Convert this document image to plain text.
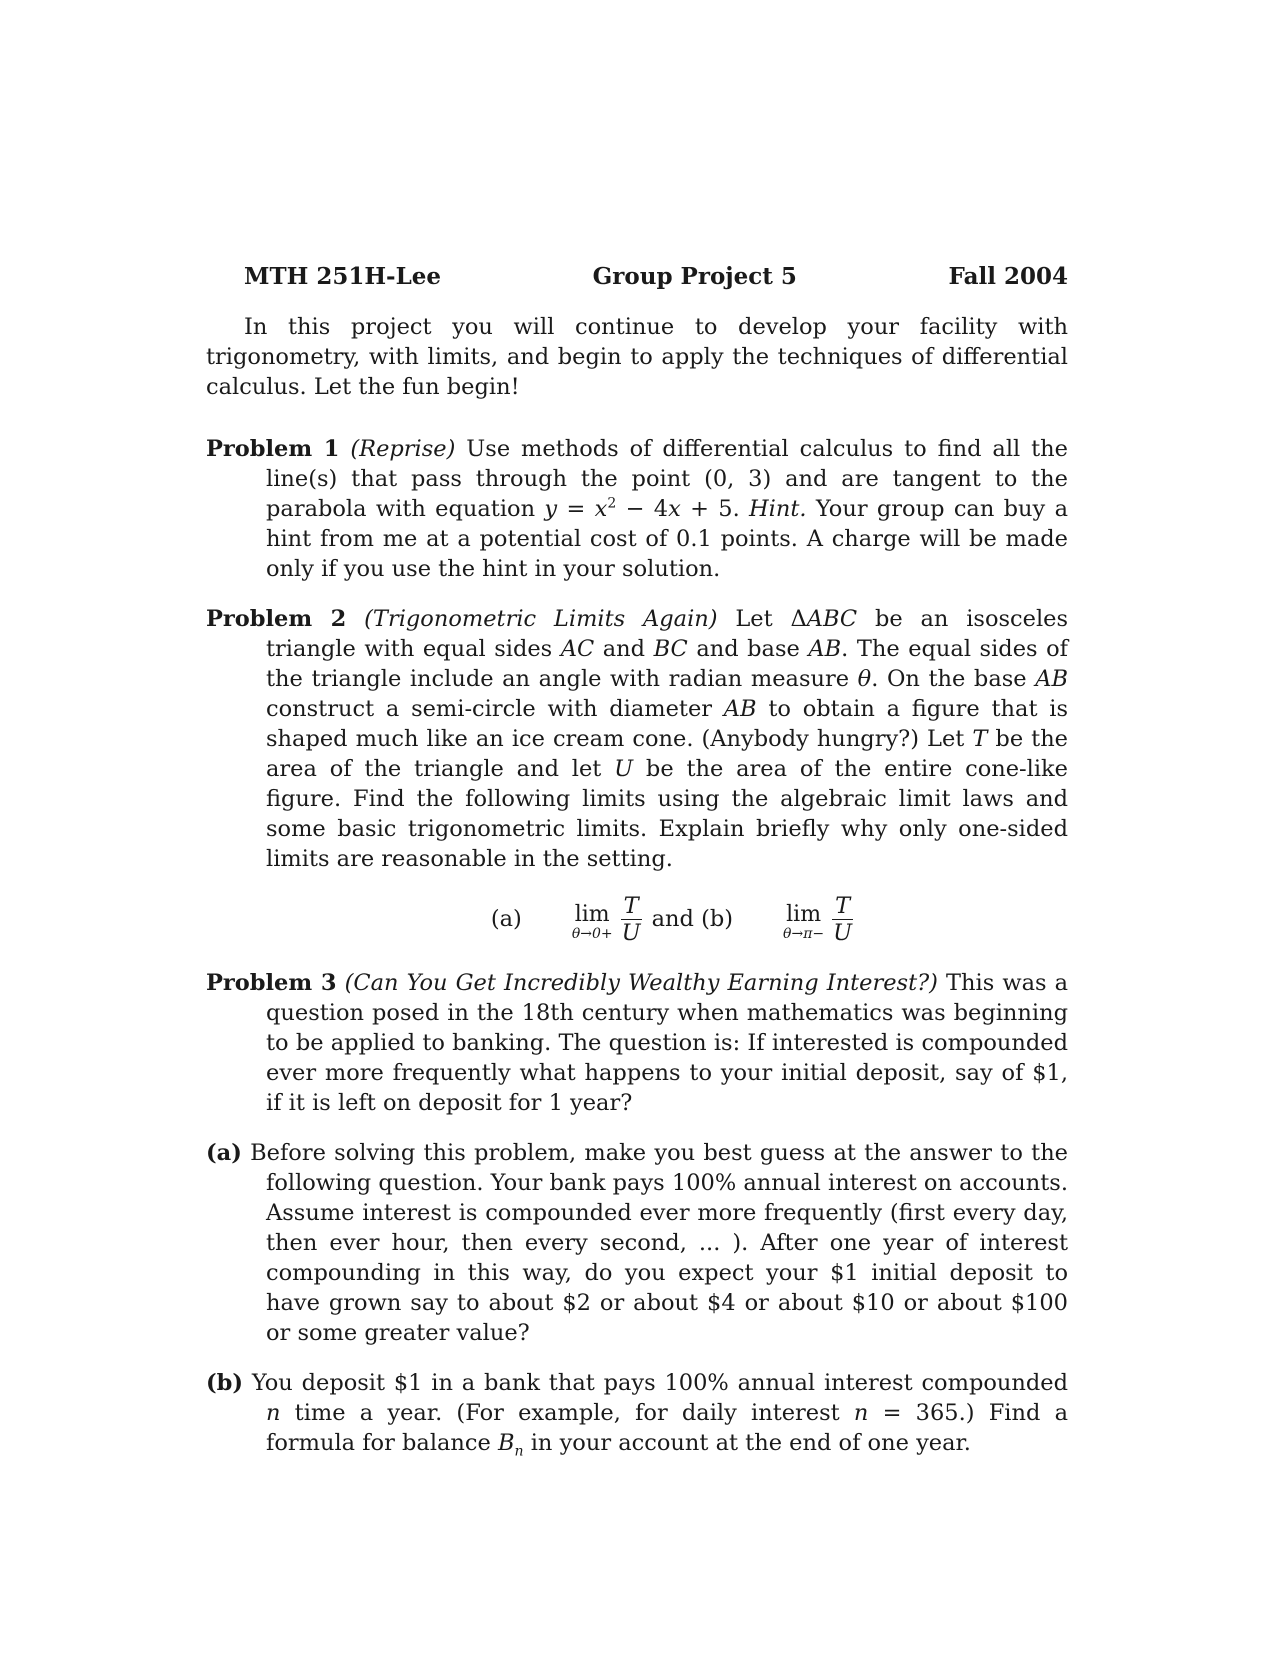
MTH 251H-Lee	Group Project 5	Fall 2004

In this project you will continue to develop your facility with trigonometry, with limits, and begin to apply the techniques of differential calculus. Let the fun begin!

Problem 1 (Reprise) Use methods of differential calculus to find all the line(s) that pass through the point (0, 3) and are tangent to the parabola with equation $y = x^2 - 4x + 5$. Hint. Your group can buy a hint from me at a potential cost of 0.1 points. A charge will be made only if you use the hint in your solution.

Problem 2 (Trigonometric Limits Again) Let ΔABC be an isosceles triangle with equal sides AC and BC and base AB. The equal sides of the triangle include an angle with radian measure θ. On the base AB construct a semi-circle with diameter AB to obtain a figure that is shaped much like an ice cream cone. (Anybody hungry?) Let T be the area of the triangle and let U be the area of the entire cone-like figure. Find the following limits using the algebraic limit laws and some basic trigonometric limits. Explain briefly why only one-sided limits are reasonable in the setting.

(a) lim
$\theta\to 0+ \frac{T}{U}$ and (b) lim
$\theta\to\pi- \frac{T}{U}$

Problem 3 (Can You Get Incredibly Wealthy Earning Interest?) This was a question posed in the 18th century when mathematics was beginning to be applied to banking. The question is: If interested is compounded ever more frequently what happens to your initial deposit, say of $1, if it is left on deposit for 1 year?

(a) Before solving this problem, make you best guess at the answer to the following question. Your bank pays 100% annual interest on accounts. Assume interest is compounded ever more frequently (first every day, then ever hour, then every second, ... ). After one year of interest compounding in this way, do you expect your $1 initial deposit to have grown say to about $2 or about $4 or about $10 or about $100 or some greater value?

(b) You deposit $1 in a bank that pays 100% annual interest compounded n time a year. (For example, for daily interest n = 365.) Find a formula for balance $B_n$ in your account at the end of one year.
